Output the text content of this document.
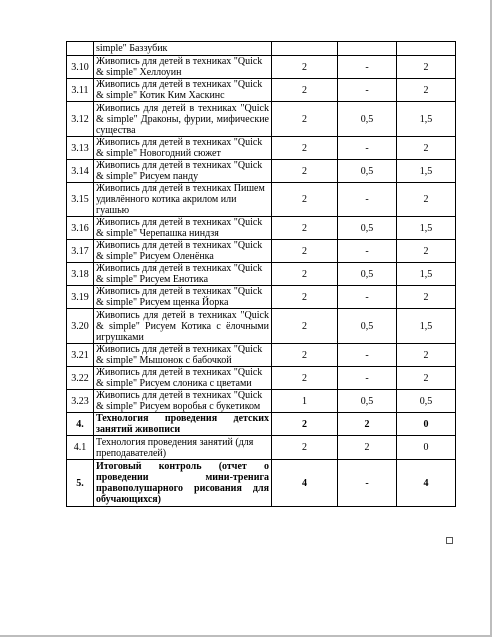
	simple" Баззубик			
3.10	Живопись для детей в техниках "Quick & simple" Хеллоуин	2	-	2
3.11	Живопись для детей в техниках "Quick & simple" Котик Ким Хаскинс	2	-	2
3.12	Живопись для детей в техниках "Quick & simple" Драконы, фурии, мифические существа	2	0,5	1,5
3.13	Живопись для детей в техниках "Quick & simple" Новогодний сюжет	2	-	2
3.14	Живопись для детей в техниках "Quick & simple" Рисуем панду	2	0,5	1,5
3.15	Живопись для детей в техниках Пишем удивлённого котика акрилом или гуашью	2	-	2
3.16	Живопись для детей в техниках "Quick & simple" Черепашка ниндзя	2	0,5	1,5
3.17	Живопись для детей в техниках "Quick & simple" Рисуем Оленёнка	2	-	2
3.18	Живопись для детей в техниках "Quick & simple" Рисуем Енотика	2	0,5	1,5
3.19	Живопись для детей в техниках "Quick & simple" Рисуем щенка Йорка	2	-	2
3.20	Живопись для детей в техниках "Quick & simple" Рисуем Котика с ёлочными игрушками	2	0,5	1,5
3.21	Живопись для детей в техниках "Quick & simple" Мышонок с бабочкой	2	-	2
3.22	Живопись для детей в техниках "Quick & simple" Рисуем слоника с цветами	2	-	2
3.23	Живопись для детей в техниках "Quick & simple" Рисуем воробья с букетиком	1	0,5	0,5
4.	Технология проведения детских занятий живописи	2	2	0
4.1	Технология проведения занятий (для преподавателей)	2	2	0
5.	Итоговый контроль (отчет о проведении мини-тренига правополушарного рисования для обучающихся)	4	-	4
